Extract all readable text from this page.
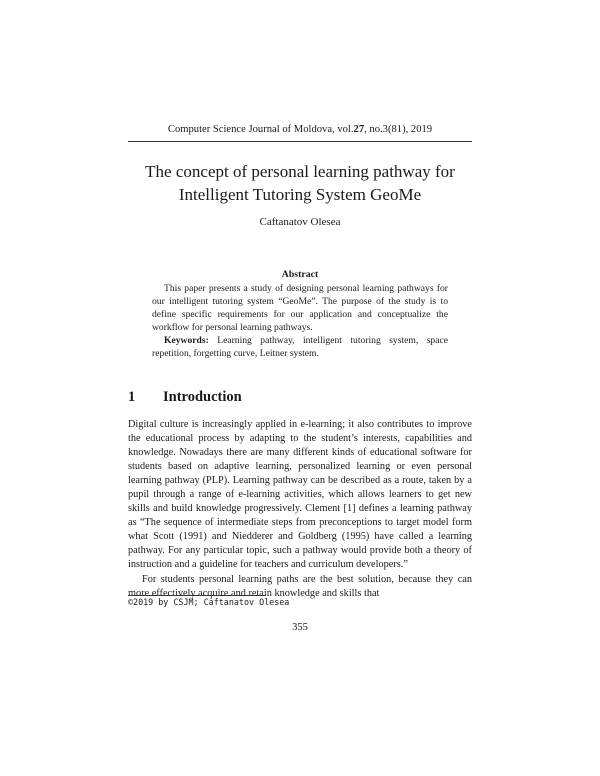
Computer Science Journal of Moldova, vol.27, no.3(81), 2019
The concept of personal learning pathway for
Intelligent Tutoring System GeoMe
Caftanatov Olesea
Abstract

This paper presents a study of designing personal learning pathways for our intelligent tutoring system “GeoMe”. The purpose of the study is to define specific requirements for our application and conceptualize the workflow for personal learning pathways.

Keywords: Learning pathway, intelligent tutoring system, space repetition, forgetting curve, Leitner system.

1 Introduction

Digital culture is increasingly applied in e-learning; it also contributes to improve the educational process by adapting to the student’s interests, capabilities and knowledge. Nowadays there are many different kinds of educational software for students based on adaptive learning, personalized learning or even personal learning pathway (PLP). Learning pathway can be described as a route, taken by a pupil through a range of e-learning activities, which allows learners to get new skills and build knowledge progressively. Clement [1] defines a learning pathway as “The sequence of intermediate steps from preconceptions to target model form what Scott (1991) and Niedderer and Goldberg (1995) have called a learning pathway. For any particular topic, such a pathway would provide both a theory of instruction and a guideline for teachers and curriculum developers.”

For students personal learning paths are the best solution, because they can more effectively acquire and retain knowledge and skills that

©2019 by CSJM; Caftanatov Olesea
355
